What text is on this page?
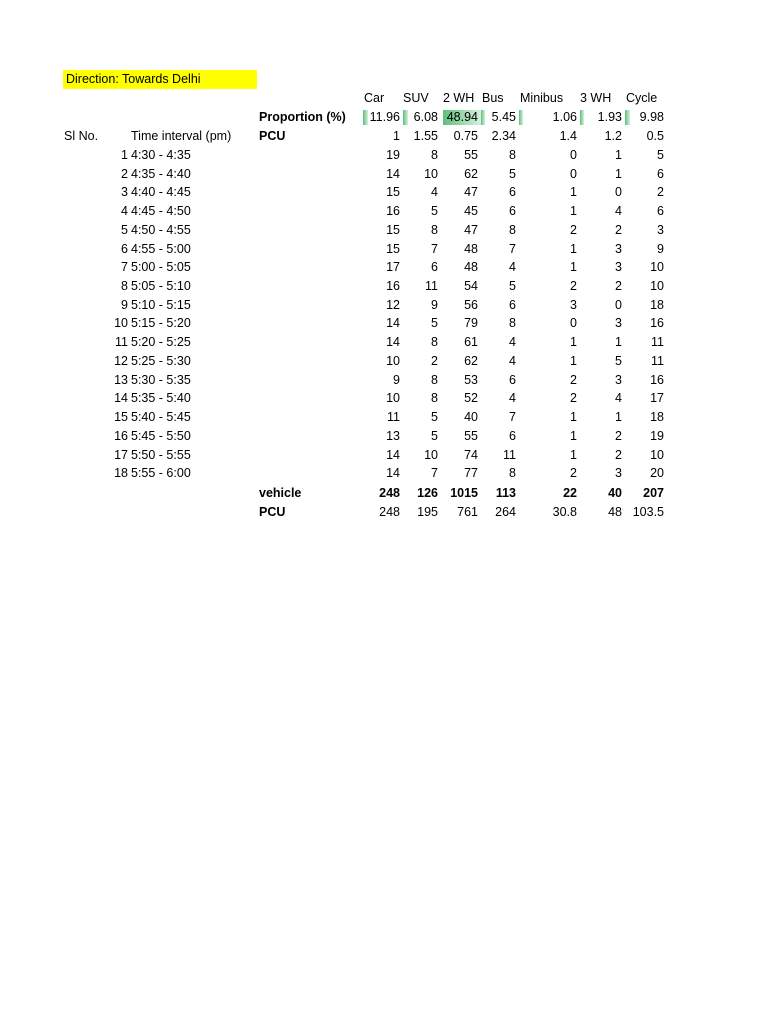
Direction: Towards Delhi
Car SUV 2 WH Bus Minibus 3 WH Cycle
Proportion (%)	11.96	6.08 48.94	5.45	1.06	1.93	9.98
Sl No.	Time interval (pm) PCU	1	1.55	0.75	2.34	1.4	1.2	0.5
1 4:30 - 4:35	19	8	55	8	0	1	5
2 4:35 - 4:40	14	10	62	5	0	1	6
3 4:40 - 4:45	15	4	47	6	1	0	2
4 4:45 - 4:50	16	5	45	6	1	4	6
5 4:50 - 4:55	15	8	47	8	2	2	3
6 4:55 - 5:00	15	7	48	7	1	3	9
7 5:00 - 5:05	17	6	48	4	1	3	10
8 5:05 - 5:10	16	11	54	5	2	2	10
9 5:10 - 5:15	12	9	56	6	3	0	18
10 5:15 - 5:20	14	5	79	8	0	3	16
11 5:20 - 5:25	14	8	61	4	1	1	11
12 5:25 - 5:30	10	2	62	4	1	5	11
13 5:30 - 5:35	9	8	53	6	2	3	16
14 5:35 - 5:40	10	8	52	4	2	4	17
15 5:40 - 5:45	11	5	40	7	1	1	18
16 5:45 - 5:50	13	5	55	6	1	2	19
17 5:50 - 5:55	14	10	74	11	1	2	10
18 5:55 - 6:00	14	7	77	8	2	3	20
vehicle	248	126 1015	113	22	40	207
PCU	248	195	761	264	30.8	48 103.5
